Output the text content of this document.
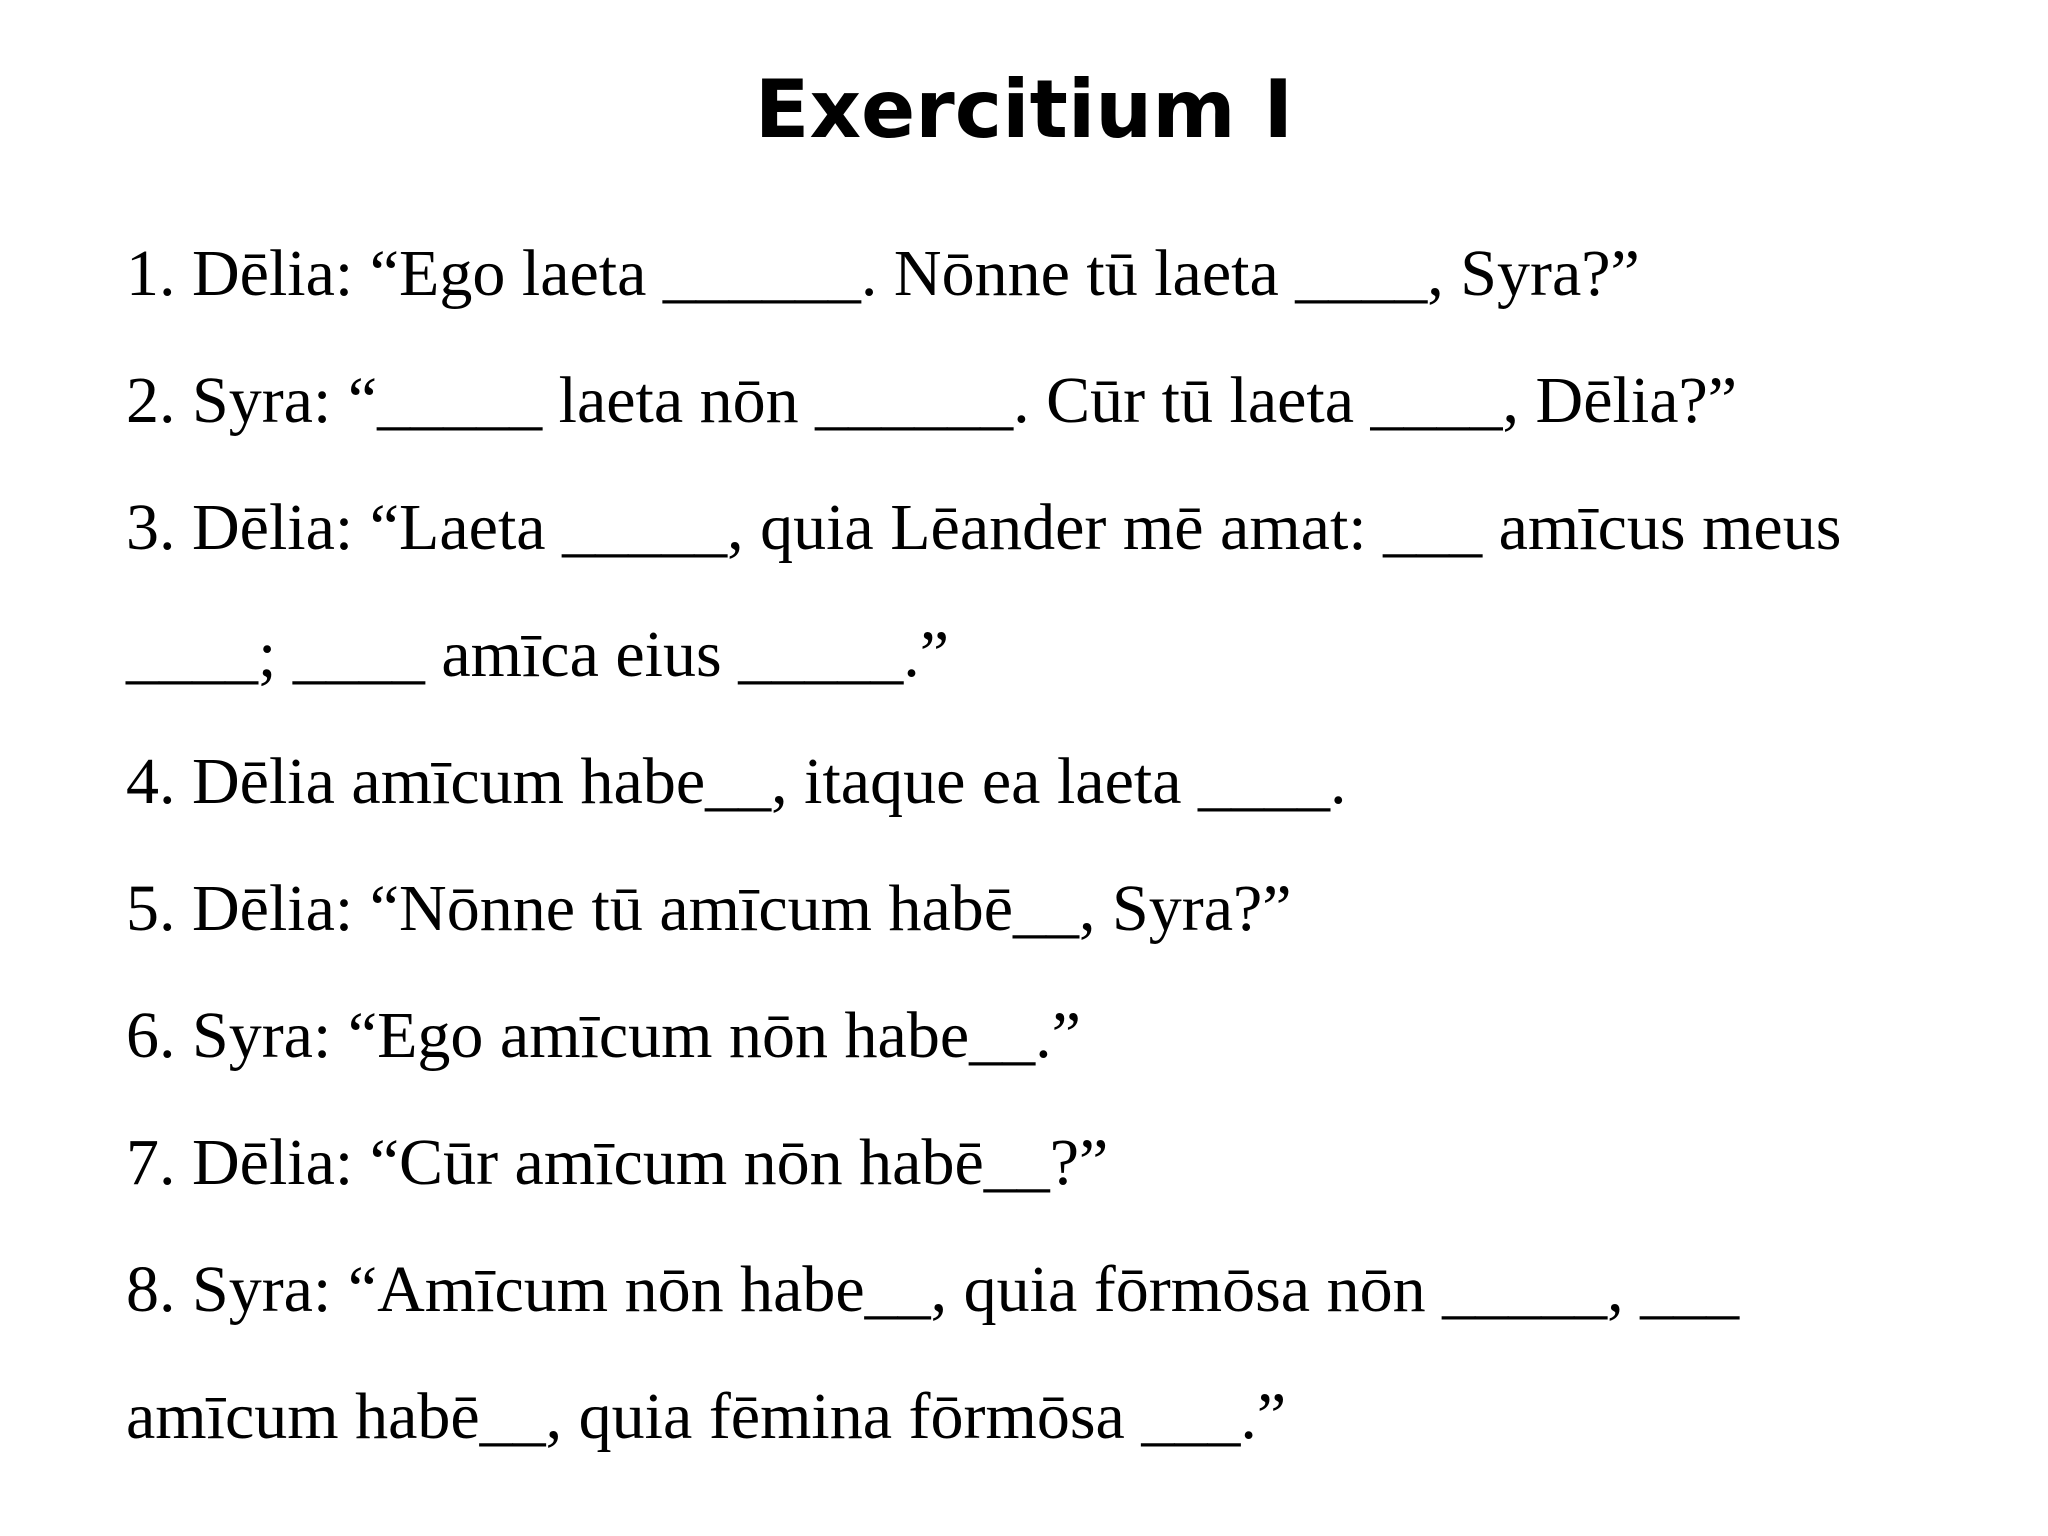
Exercitium I
1. Dēlia: “Ego laeta ______. Nōnne tū laeta ____, Syra?”
2. Syra: “_____ laeta nōn ______. Cūr tū laeta ____, Dēlia?”
3. Dēlia: “Laeta _____, quia Lēander mē amat: ___ amīcus meus
____; ____ amīca eius _____.”
4. Dēlia amīcum habe__, itaque ea laeta ____.
5. Dēlia: “Nōnne tū amīcum habē__, Syra?”
6. Syra: “Ego amīcum nōn habe__.”
7. Dēlia: “Cūr amīcum nōn habē__?”
8. Syra: “Amīcum nōn habe__, quia fōrmōsa nōn _____, ___
amīcum habē__, quia fēmina fōrmōsa ___.”
